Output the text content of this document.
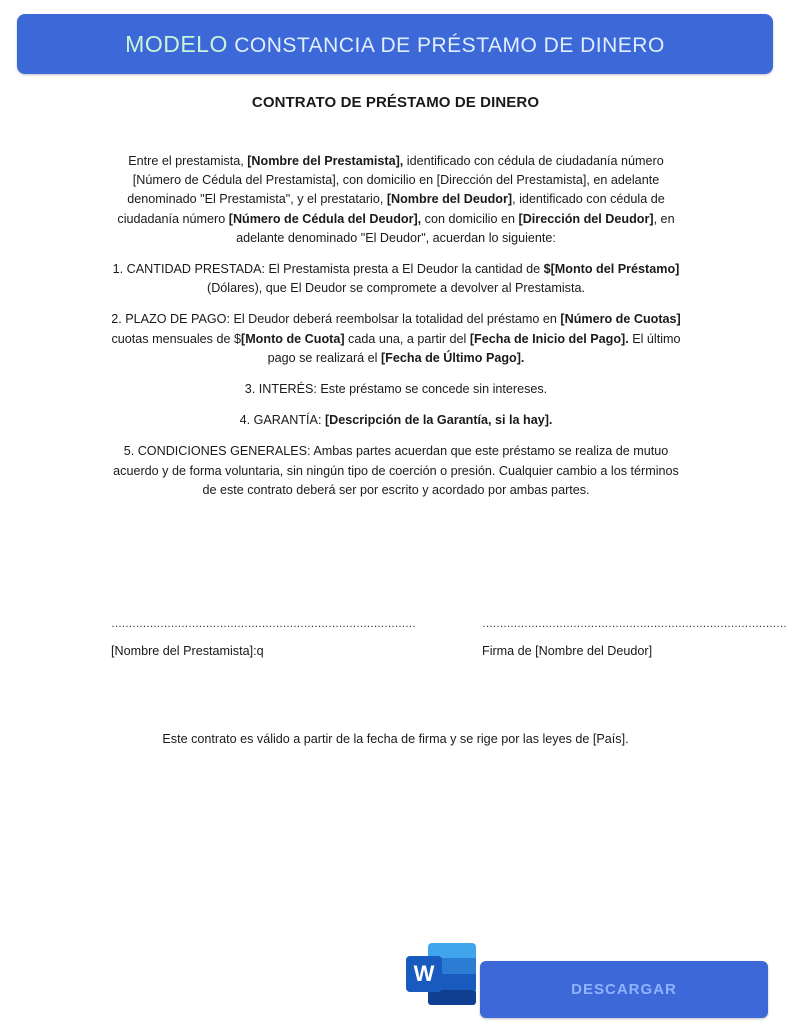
MODELO CONSTANCIA DE PRÉSTAMO DE DINERO
CONTRATO DE PRÉSTAMO DE DINERO

Entre el prestamista, [Nombre del Prestamista], identificado con cédula de ciudadanía número [Número de Cédula del Prestamista], con domicilio en [Dirección del Prestamista], en adelante denominado "El Prestamista", y el prestatario, [Nombre del Deudor], identificado con cédula de ciudadanía número [Número de Cédula del Deudor], con domicilio en [Dirección del Deudor], en adelante denominado "El Deudor", acuerdan lo siguiente:

1. CANTIDAD PRESTADA: El Prestamista presta a El Deudor la cantidad de $[Monto del Préstamo] (Dólares), que El Deudor se compromete a devolver al Prestamista.

2. PLAZO DE PAGO: El Deudor deberá reembolsar la totalidad del préstamo en [Número de Cuotas] cuotas mensuales de $[Monto de Cuota] cada una, a partir del [Fecha de Inicio del Pago]. El último pago se realizará el [Fecha de Último Pago].

3. INTERÉS: Este préstamo se concede sin intereses.

4. GARANTÍA: [Descripción de la Garantía, si la hay].

5. CONDICIONES GENERALES: Ambas partes acuerdan que este préstamo se realiza de mutuo acuerdo y de forma voluntaria, sin ningún tipo de coerción o presión. Cualquier cambio a los términos de este contrato deberá ser por escrito y acordado por ambas partes.

……………………………………………………………………………	……………………………………………………………………………
[Nombre del Prestamista]:q	Firma de [Nombre del Deudor]
Este contrato es válido a partir de la fecha de firma y se rige por las leyes de [País].
W
DESCARGAR
